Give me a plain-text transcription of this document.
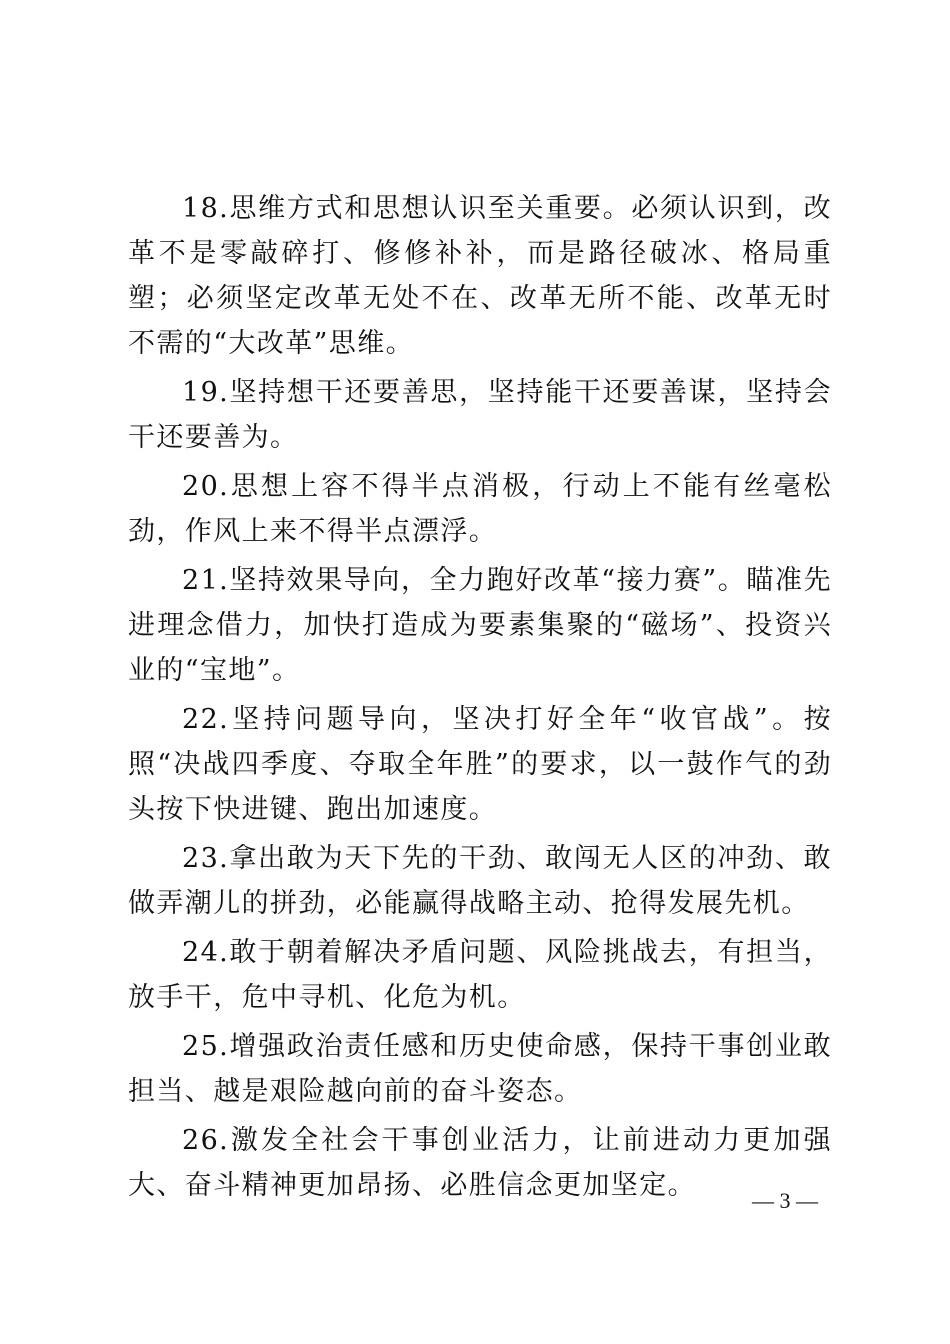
18.思维方式和思想认识至关重要。必须认识到，改革不是零敲碎打、修修补补，而是路径破冰、格局重塑；必须坚定改革无处不在、改革无所不能、改革无时不需的“大改革”思维。

19.坚持想干还要善思，坚持能干还要善谋，坚持会干还要善为。

20.思想上容不得半点消极，行动上不能有丝毫松劲，作风上来不得半点漂浮。

21.坚持效果导向，全力跑好改革“接力赛”。瞄准先进理念借力，加快打造成为要素集聚的“磁场”、投资兴业的“宝地”。

22.坚持问题导向，坚决打好全年“收官战”。按照“决战四季度、夺取全年胜”的要求，以一鼓作气的劲头按下快进键、跑出加速度。

23.拿出敢为天下先的干劲、敢闯无人区的冲劲、敢做弄潮儿的拼劲，必能赢得战略主动、抢得发展先机。

24.敢于朝着解决矛盾问题、风险挑战去，有担当，放手干，危中寻机、化危为机。

25.增强政治责任感和历史使命感，保持干事创业敢担当、越是艰险越向前的奋斗姿态。

26.激发全社会干事创业活力，让前进动力更加强大、奋斗精神更加昂扬、必胜信念更加坚定。	— 3 —
